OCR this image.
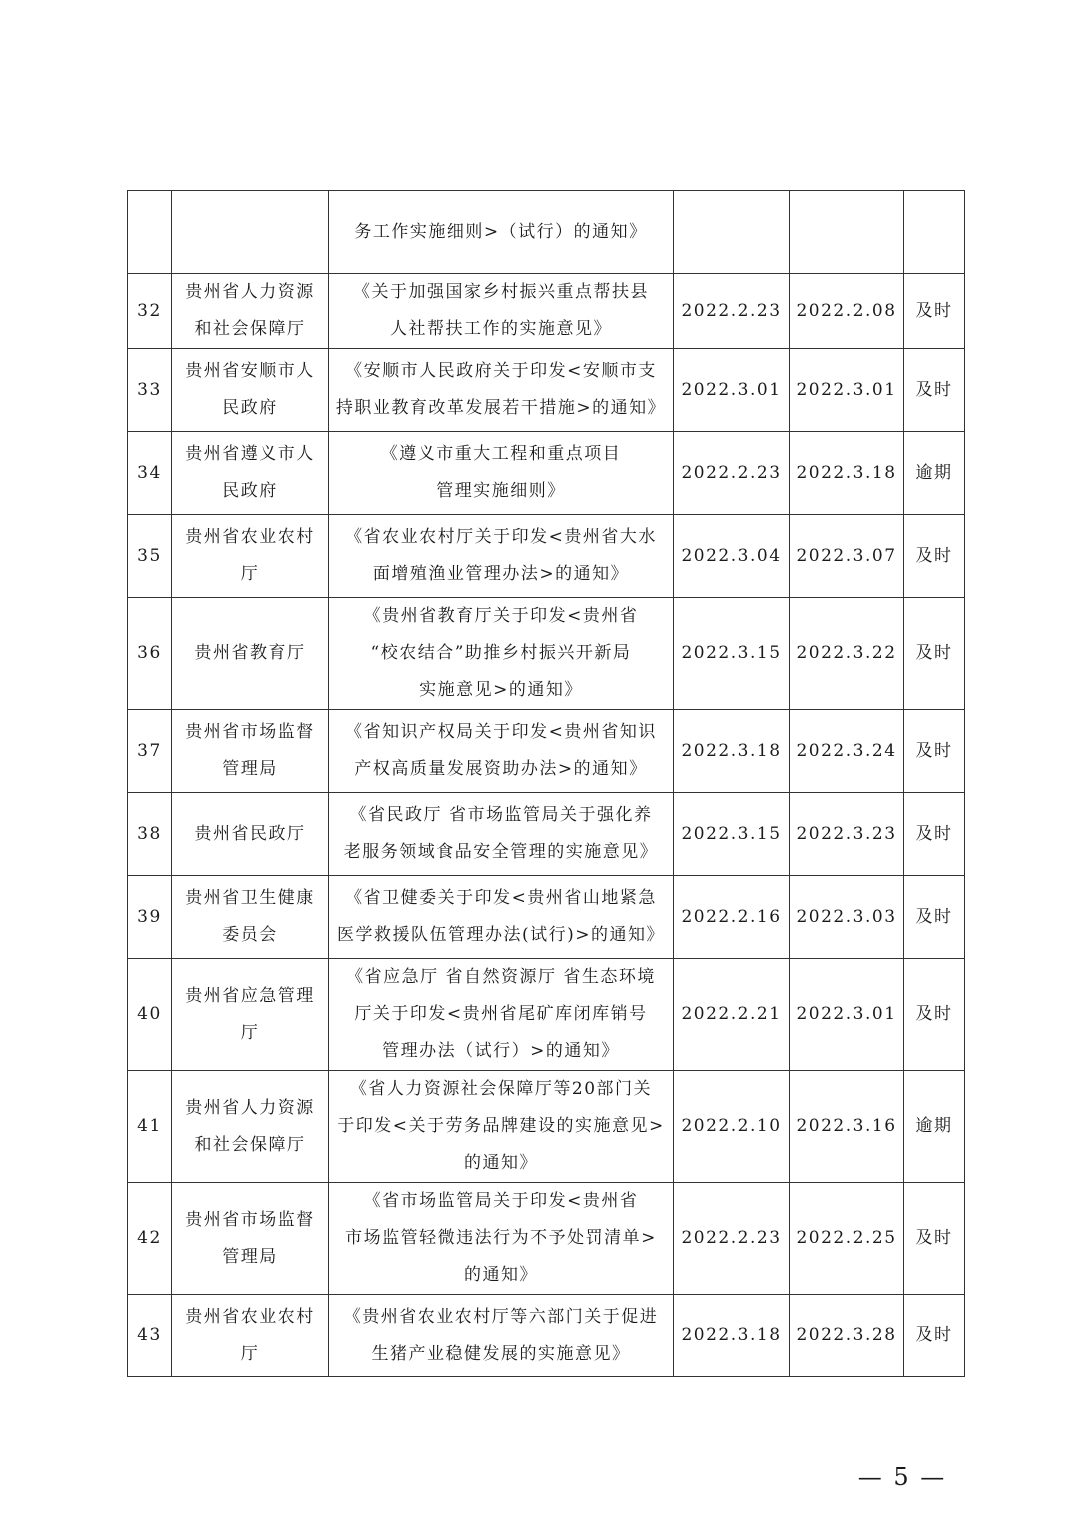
		务工作实施细则>（试行）的通知》			

32	贵州省人力资源
和社会保障厅	《关于加强国家乡村振兴重点帮扶县
人社帮扶工作的实施意见》	2022.2.23	2022.2.08	及时
33	贵州省安顺市人
民政府	《安顺市人民政府关于印发<安顺市支
持职业教育改革发展若干措施>的通知》	2022.3.01	2022.3.01	及时
34	贵州省遵义市人
民政府	《遵义市重大工程和重点项目
管理实施细则》	2022.2.23	2022.3.18	逾期
35	贵州省农业农村
厅	《省农业农村厅关于印发<贵州省大水
面增殖渔业管理办法>的通知》	2022.3.04	2022.3.07	及时
36	贵州省教育厅	《贵州省教育厅关于印发<贵州省
“校农结合”助推乡村振兴开新局
实施意见>的通知》	2022.3.15	2022.3.22	及时
37	贵州省市场监督
管理局	《省知识产权局关于印发<贵州省知识
产权高质量发展资助办法>的通知》	2022.3.18	2022.3.24	及时
38	贵州省民政厅	《省民政厅 省市场监管局关于强化养
老服务领域食品安全管理的实施意见》	2022.3.15	2022.3.23	及时
39	贵州省卫生健康
委员会	《省卫健委关于印发<贵州省山地紧急
医学救援队伍管理办法(试行)>的通知》	2022.2.16	2022.3.03	及时
40	贵州省应急管理
厅	《省应急厅 省自然资源厅 省生态环境
厅关于印发<贵州省尾矿库闭库销号
管理办法（试行）>的通知》	2022.2.21	2022.3.01	及时
41	贵州省人力资源
和社会保障厅	《省人力资源社会保障厅等20部门关
于印发<关于劳务品牌建设的实施意见>
的通知》	2022.2.10	2022.3.16	逾期
42	贵州省市场监督
管理局	《省市场监管局关于印发<贵州省
市场监管轻微违法行为不予处罚清单>
的通知》	2022.2.23	2022.2.25	及时
43	贵州省农业农村
厅	《贵州省农业农村厅等六部门关于促进
生猪产业稳健发展的实施意见》	2022.3.18	2022.3.28	及时
— 5 —
